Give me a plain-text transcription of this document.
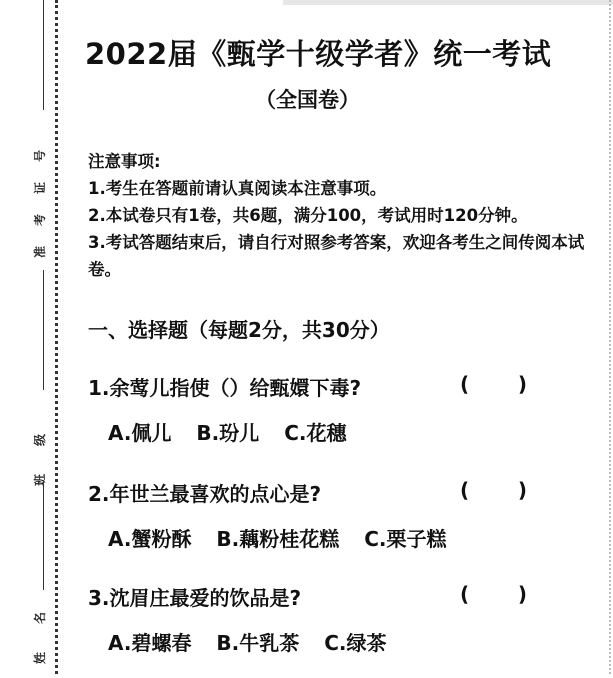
准
考
证
号
班
级
姓
名
2022届《甄学十级学者》统一考试
（全国卷）
注意事项:
1.考生在答题前请认真阅读本注意事项。
2.本试卷只有1卷，共6题，满分100，考试用时120分钟。
3.考试答题结束后，请自行对照参考答案，欢迎各考生之间传阅本试卷。
一、选择题（每题2分，共30分）
1.余莺儿指使（）给甄嬛下毒?	(       )
A.佩儿 B.玢儿 C.花穗
2.年世兰最喜欢的点心是?	(       )
A.蟹粉酥 B.藕粉桂花糕 C.栗子糕
3.沈眉庄最爱的饮品是?	(       )
A.碧螺春 B.牛乳茶 C.绿茶
